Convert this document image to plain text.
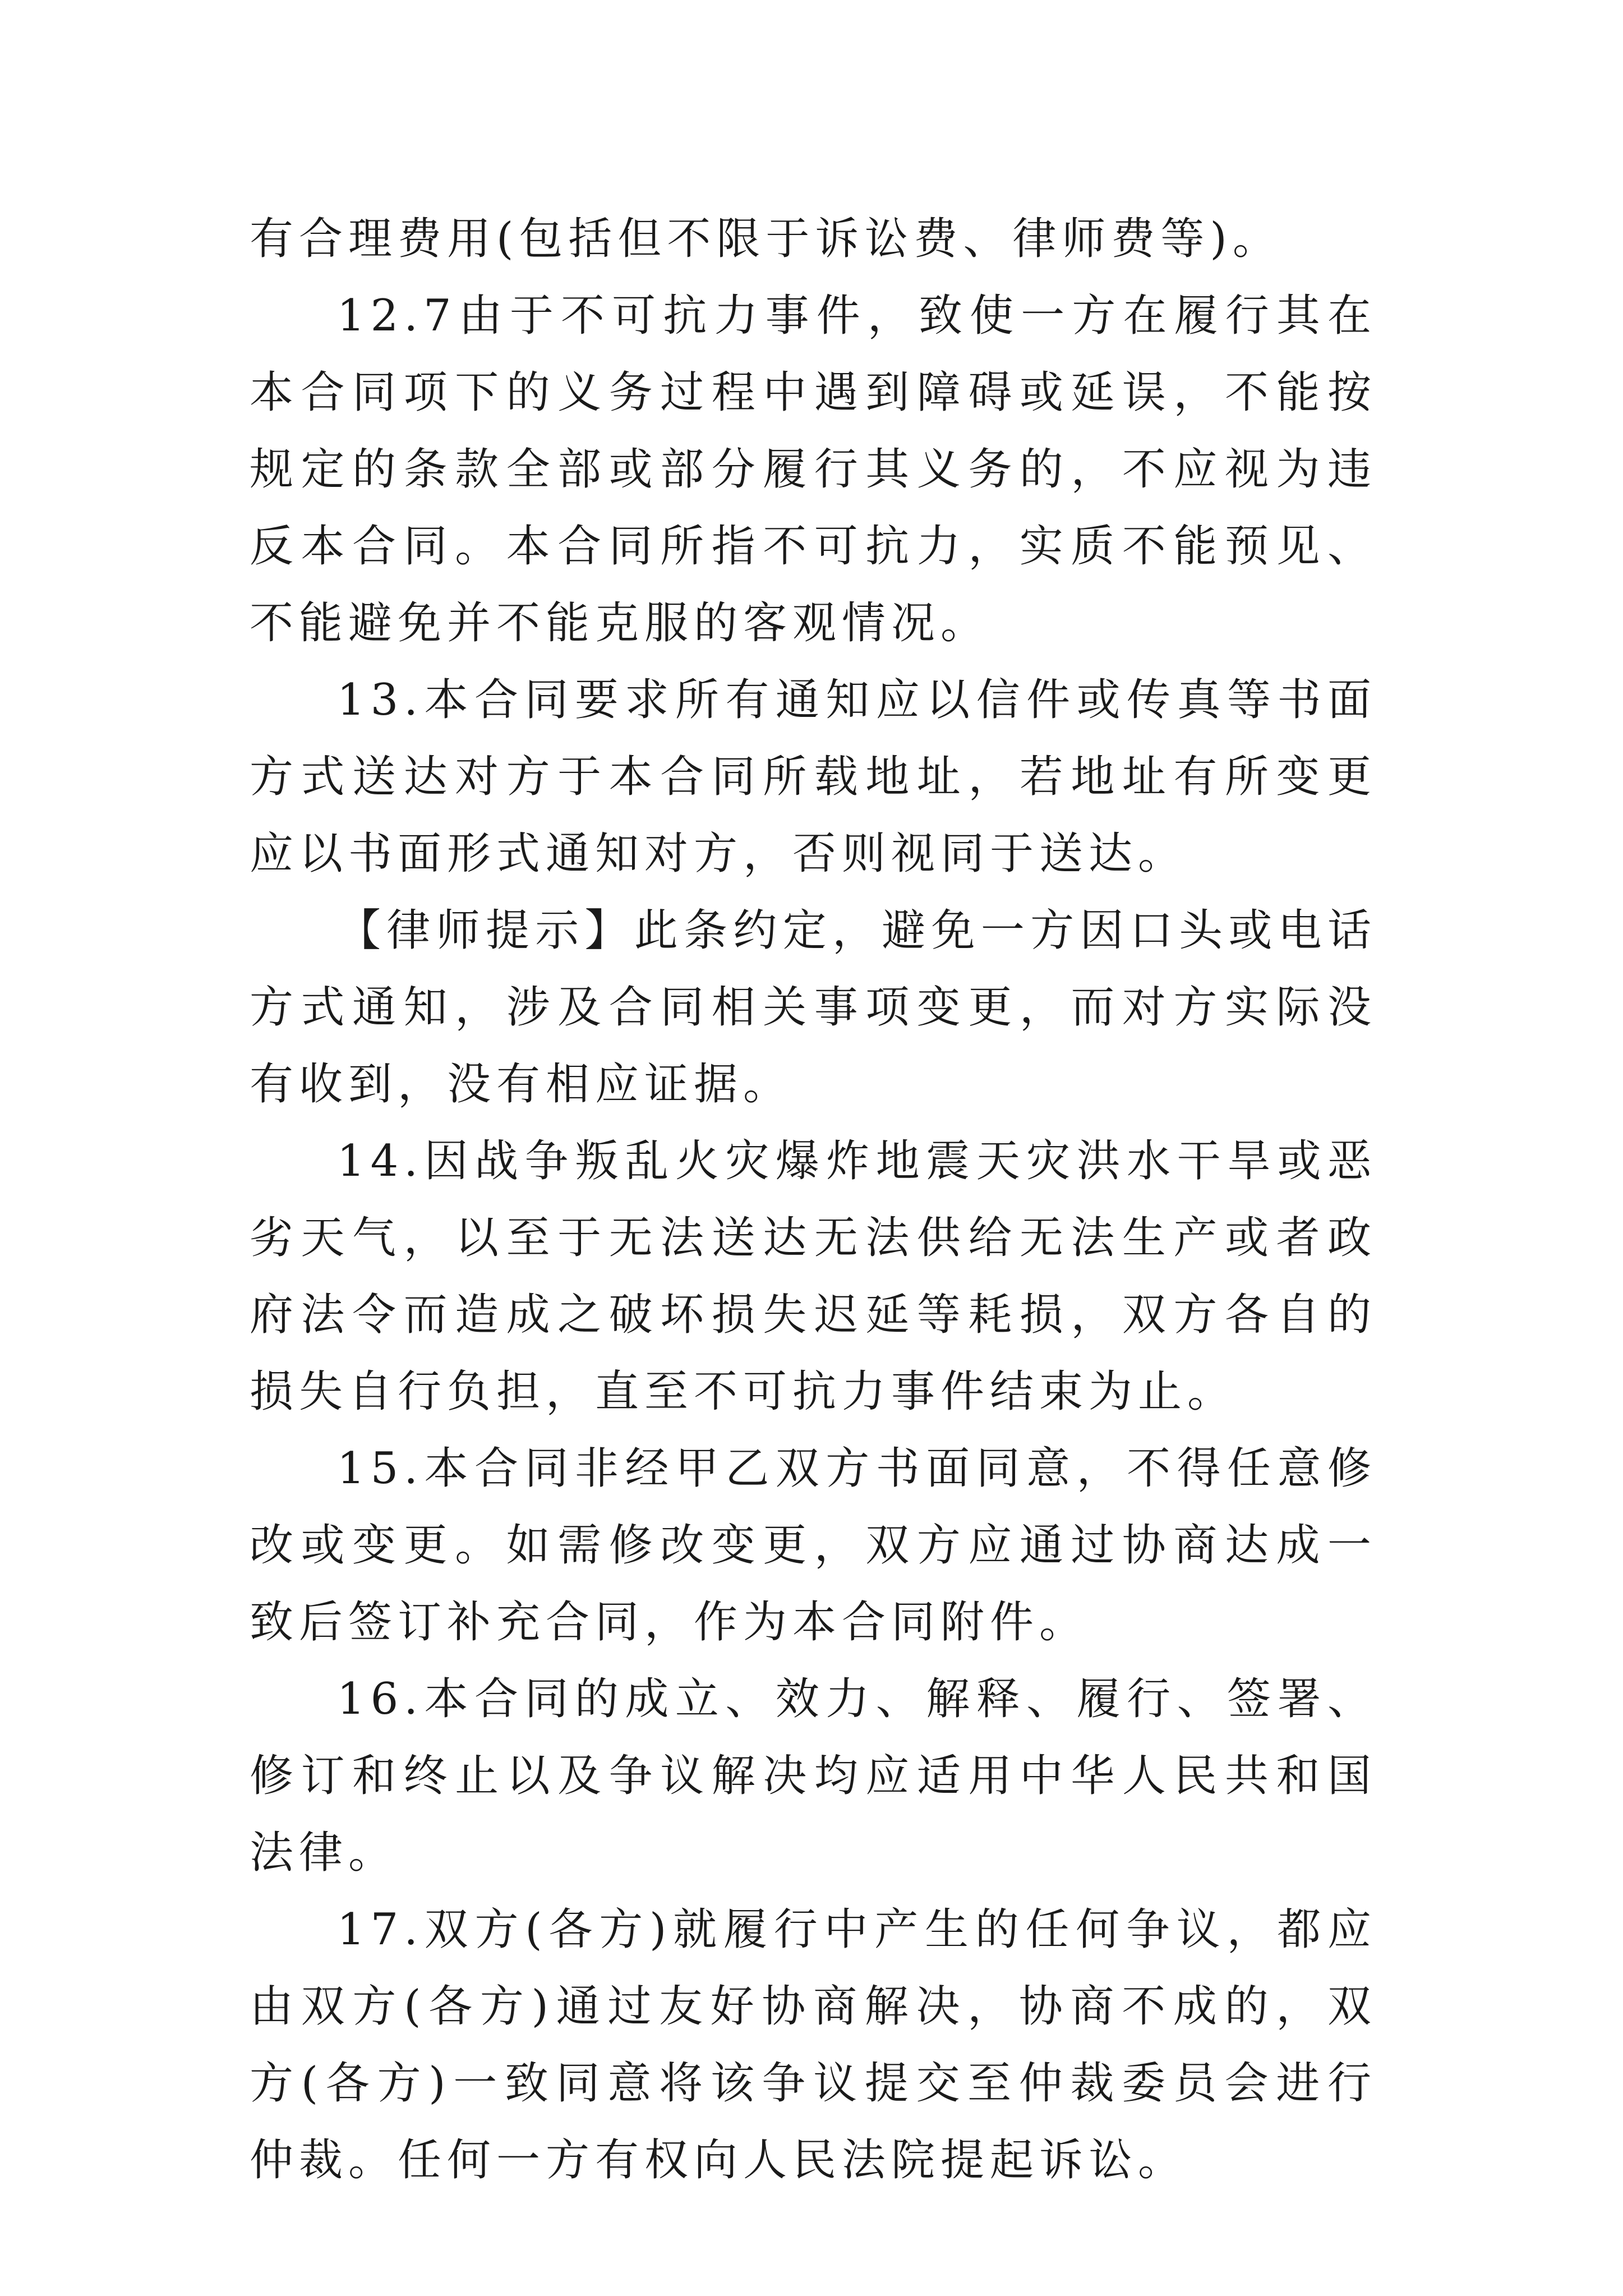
有合理费用(包括但不限于诉讼费、律师费等)。

12.7由于不可抗力事件，致使一方在履行其在本合同项下的义务过程中遇到障碍或延误，不能按规定的条款全部或部分履行其义务的，不应视为违反本合同。本合同所指不可抗力，实质不能预见、不能避免并不能克服的客观情况。

13.本合同要求所有通知应以信件或传真等书面方式送达对方于本合同所载地址，若地址有所变更应以书面形式通知对方，否则视同于送达。

【律师提示】此条约定，避免一方因口头或电话方式通知，涉及合同相关事项变更，而对方实际没有收到，没有相应证据。

14.因战争叛乱火灾爆炸地震天灾洪水干旱或恶劣天气，以至于无法送达无法供给无法生产或者政府法令而造成之破坏损失迟延等耗损，双方各自的损失自行负担，直至不可抗力事件结束为止。

15.本合同非经甲乙双方书面同意，不得任意修改或变更。如需修改变更，双方应通过协商达成一致后签订补充合同，作为本合同附件。

16.本合同的成立、效力、解释、履行、签署、修订和终止以及争议解决均应适用中华人民共和国法律。

17.双方(各方)就履行中产生的任何争议，都应由双方(各方)通过友好协商解决，协商不成的，双方(各方)一致同意将该争议提交至仲裁委员会进行仲裁。任何一方有权向人民法院提起诉讼。
